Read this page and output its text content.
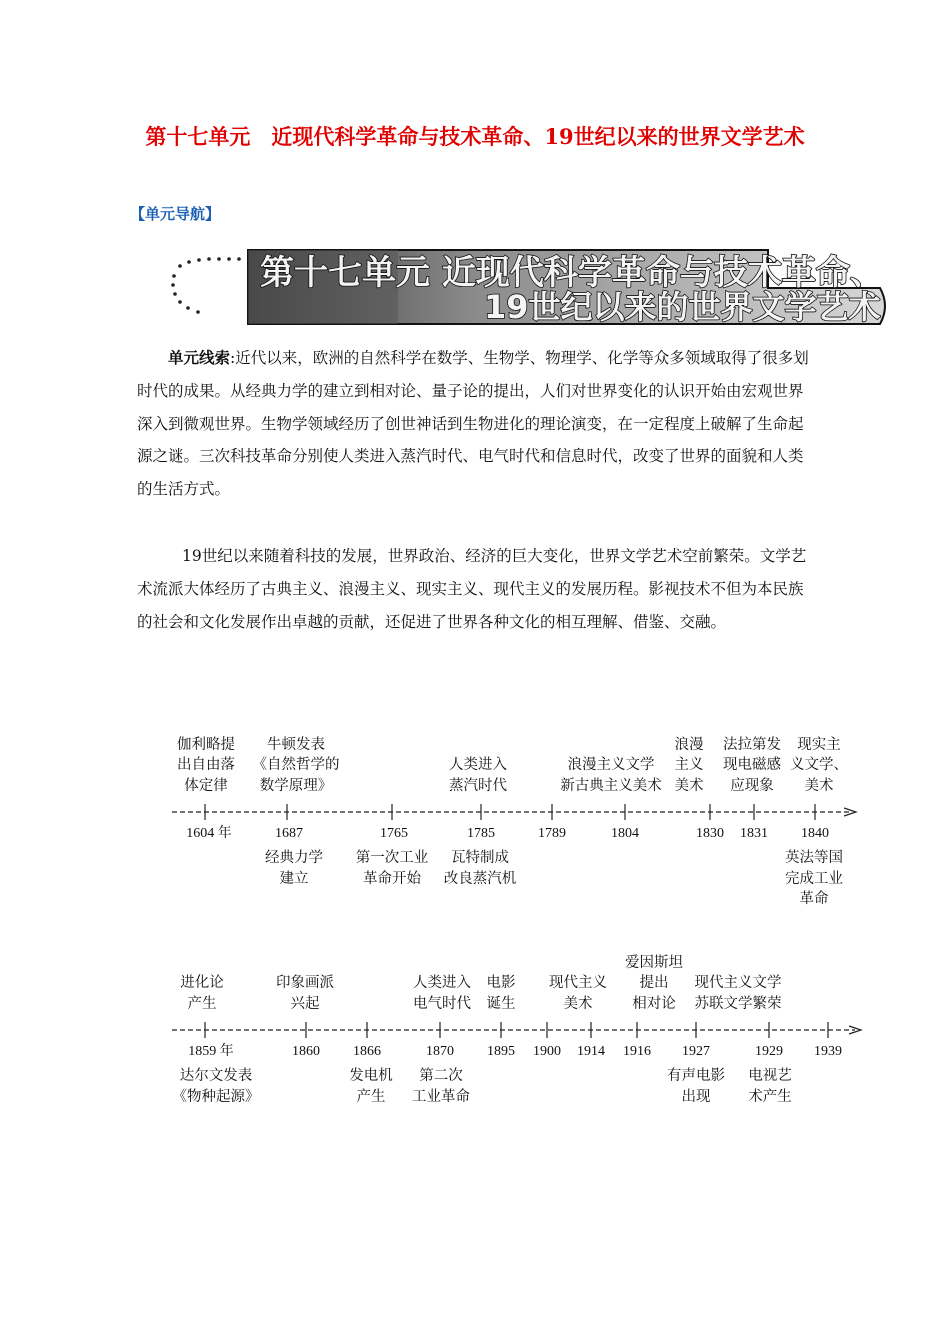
第十七单元　近现代科学革命与技术革命、19世纪以来的世界文学艺术
【单元导航】
第十七单元 近现代科学革命与技术革命、
19世纪以来的世界文学艺术

单元线索:近代以来，欧洲的自然科学在数学、生物学、物理学、化学等众多领域取得了很多划时代的成果。从经典力学的建立到相对论、量子论的提出，人们对世界变化的认识开始由宏观世界深入到微观世界。生物学领域经历了创世神话到生物进化的理论演变，在一定程度上破解了生命起源之谜。三次科技革命分别使人类进入蒸汽时代、电气时代和信息时代，改变了世界的面貌和人类的生活方式。

19世纪以来随着科技的发展，世界政治、经济的巨大变化，世界文学艺术空前繁荣。文学艺术流派大体经历了古典主义、浪漫主义、现实主义、现代主义的发展历程。影视技术不但为本民族的社会和文化发展作出卓越的贡献，还促进了世界各种文化的相互理解、借鉴、交融。

1604 年	1687	1765	1785	1789	1804	1830 1831 1840
伽利略提
出自由落
体定律
牛顿发表
《自然哲学的
数学原理》
人类进入
蒸汽时代
浪漫主义文学
新古典主义美术
浪漫
主义
美术
法拉第发
现电磁感
应现象
现实主
义文学、
美术
经典力学
建立
第一次工业
革命开始
瓦特制成
改良蒸汽机
英法等国
完成工业
革命
1859 年	1860 1866	1870 1895 1900 1914 1916 1927	1929 1939
进化论
产生
印象画派
兴起
人类进入
电气时代
电影
诞生
现代主义
美术
爱因斯坦
提出
相对论
现代主义文学
苏联文学繁荣
达尔文发表
《物种起源》
发电机
产生
第二次
工业革命
有声电影
出现
电视艺
术产生
